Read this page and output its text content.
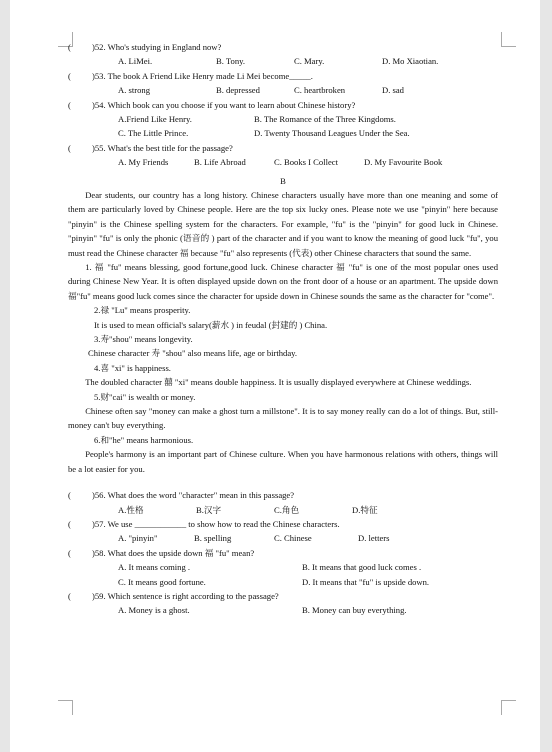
( )52. Who's studying in England now?
A. LiMei.	B. Tony.	C. Mary.	D. Mo Xiaotian.
( )53. The book A Friend Like Henry made Li Mei become_____.
A. strong	B. depressed	C. heartbroken	D. sad
( )54. Which book can you choose if you want to learn about Chinese history?
A.Friend Like Henry.	B. The Romance of the Three Kingdoms.
C. The Little Prince.	D. Twenty Thousand Leagues Under the Sea.
( )55. What's the best title for the passage?
A. My Friends	B. Life Abroad	C. Books I Collect	D. My Favourite Book
B
Dear students, our country has a long history. Chinese characters usually have more than one meaning and some of them are particularly loved by Chinese people. Here are the top six lucky ones. Please note we use "pinyin" here because "pinyin" is the Chinese spelling system for the characters. For example, "fu" is the "pinyin" for good luck in Chinese. "pinyin" "fu" is only the phonic (语音的 ) part of the character and if you want to know the meaning of good luck "fu", you must read the Chinese character 福 because "fu" also represents (代表) other Chinese characters that sound the same.
1. 福 "fu" means blessing, good fortune,good luck. Chinese character 福 "fu" is one of the most popular ones used during Chinese New Year. It is often displayed upside down on the front door of a house or an apartment. The upside down 福"fu" means good luck comes since the character for upside down in Chinese sounds the same as the character for "come".
2.禄 "Lu" means prosperity.
It is used to mean official's salary(薪水 ) in feudal (封建的 ) China.
3.寿"shou" means longevity.
Chinese character 寿 "shou" also means life, age or birthday.
4.喜 "xi" is happiness.
The doubled character 囍 "xi" means double happiness. It is usually displayed everywhere at Chinese weddings.
5.财"cai" is wealth or money.
Chinese often say "money can make a ghost turn a millstone". It is to say money really can do a lot of things. But, still-money can't buy everything.
6.和"he" means harmonious.
People's harmony is an important part of Chinese culture. When you have harmonous relations with others, things will be a lot easier for you.
( )56. What does the word "character" mean in this passage?
A.性格	B.汉字	C.角色	D.特征
( )57. We use ____________ to show how to read the Chinese characters.
A. "pinyin"	B. spelling	C. Chinese	D. letters
( )58. What does the upside down 福 "fu" mean?
A. It means coming .	B. It means that good luck comes .
C. It means good fortune.	D. It means that "fu" is upside down.
( )59. Which sentence is right according to the passage?
A. Money is a ghost.	B. Money can buy everything.
